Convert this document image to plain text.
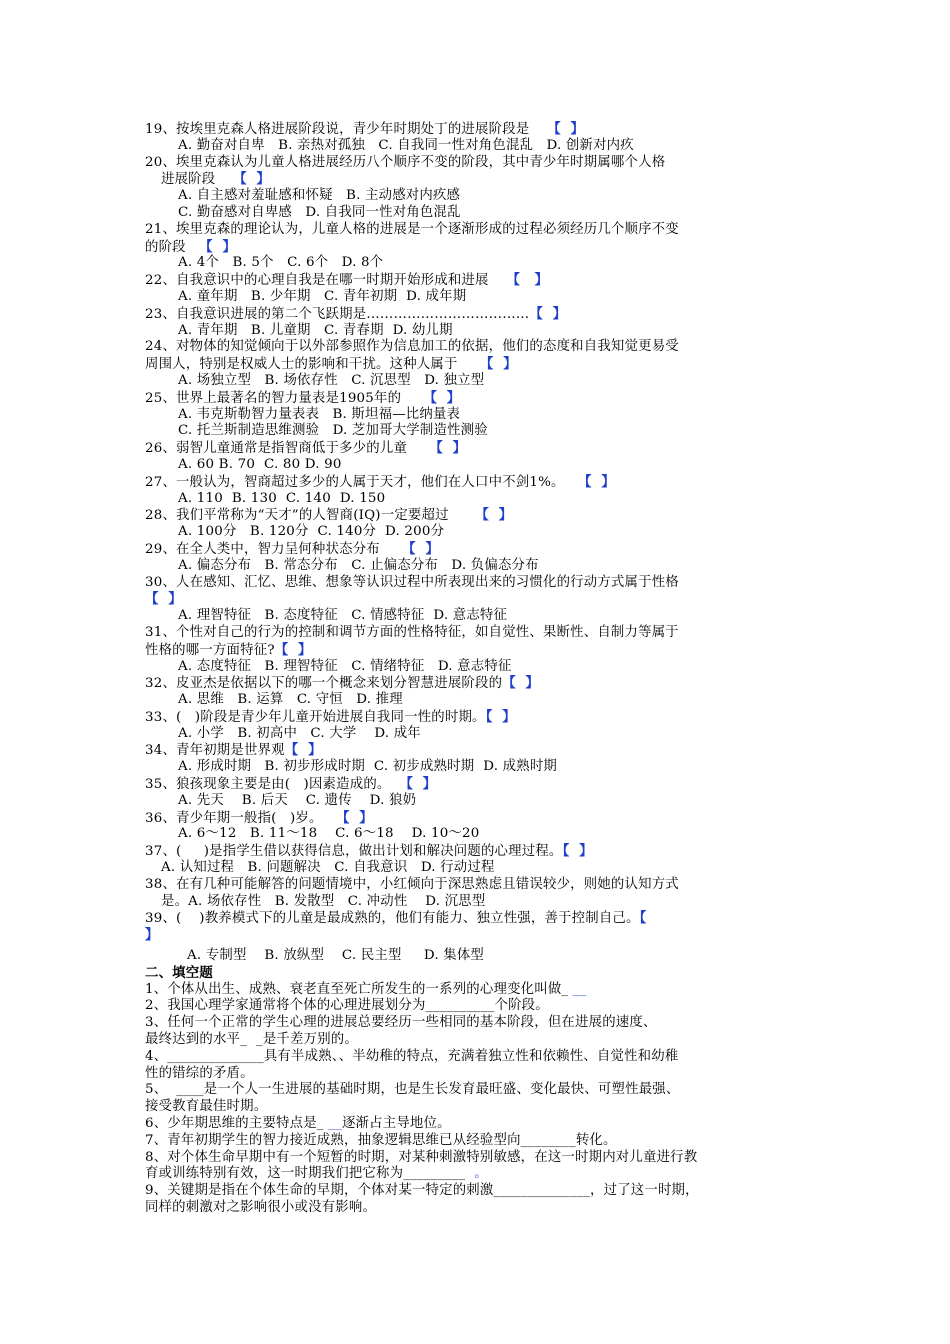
19、按埃里克森人格进展阶段说，青少年时期处丁的进展阶段是    【  】
A. 勤奋对自卑   B. 亲热对孤独   C. 自我同一性对角色混乱   D. 创新对内疚
20、埃里克森认为儿童人格进展经历八个顺序不变的阶段，其中青少年时期属哪个人格
进展阶段    【  】
A. 自主感对羞耻感和怀疑   B. 主动感对内疚感
C. 勤奋感对自卑感   D. 自我同一性对角色混乱
21、埃里克森的理论认为，儿童人格的进展是一个逐渐形成的过程必须经历几个顺序不变
的阶段   【  】
A. 4个   B. 5个   C. 6个   D. 8个
22、自我意识中的心理自我是在哪一时期开始形成和进展    【   】
A. 童年期   B. 少年期   C. 青年初期  D. 成年期
23、自我意识进展的第二个飞跃期是………………………………【  】
A. 青年期   B. 儿童期   C. 青春期  D. 幼儿期
24、对物体的知觉倾向于以外部参照作为信息加工的依据，他们的态度和自我知觉更易受
周围人，特别是权威人士的影响和干扰。这种人属于     【  】
A. 场独立型   B. 场依存性   C. 沉思型   D. 独立型
25、世界上最著名的智力量表是1905年的     【  】
A. 韦克斯勒智力量表表   B. 斯坦福—比纳量表
C. 托兰斯制造思维测验   D. 芝加哥大学制造性测验
26、弱智儿童通常是指智商低于多少的儿童     【  】
A. 60 B. 70  C. 80 D. 90
27、一般认为，智商超过多少的人属于天才，他们在人口中不剑1%。   【  】
A. 110  B. 130  C. 140  D. 150
28、我们平常称为“天才”的人智商(IQ)一定要超过      【  】
A. 100分   B. 120分  C. 140分  D. 200分
29、在全人类中，智力呈何种状态分布     【  】
A. 偏态分布   B. 常态分布   C. 止偏态分布   D. 负偏态分布
30、人在感知、汇忆、思维、想象等认识过程中所表现出来的习惯化的行动方式属于性格
【  】
A. 理智特征   B. 态度特征   C. 情感特征  D. 意志特征
31、个性对自己的行为的控制和调节方面的性格特征，如自觉性、果断性、自制力等属于
性格的哪一方面特征?【  】
A. 态度特征   B. 理智特征   C. 情绪特征   D. 意志特征
32、皮亚杰是依据以下的哪一个概念来划分智慧进展阶段的【  】
A. 思维   B. 运算   C. 守恒   D. 推理
33、(   )阶段是青少年儿童开始进展自我同一性的时期。【  】
A. 小学   B. 初高中   C. 大学    D. 成年
34、青年初期是世界观【  】
A. 形成时期   B. 初步形成时期  C. 初步成熟时期  D. 成熟时期
35、狼孩现象主要是由(   )因素造成的。  【  】
A. 先天    B. 后天    C. 遗传    D. 狼奶
36、青少年期一般指(   )岁。   【  】
A. 6～12   B. 11～18    C. 6～18    D. 10～20
37、(     )是指学生借以获得信息，做出计划和解决问题的心理过程。【  】
A. 认知过程   B. 问题解决   C. 自我意识   D. 行动过程
38、在有几种可能解答的问题情境中，小红倾向于深思熟虑且错误较少，则她的认知方式
是。A. 场依存性   B. 发散型   C. 冲动性    D. 沉思型
39、(    )教养模式下的儿童是最成熟的，他们有能力、独立性强，善于控制自己。【
】
A. 专制型    B. 放纵型    C. 民主型     D. 集体型
二、填空题
1、个体从出生、成熟、衰老直至死亡所发生的一系列的心理变化叫做_ __
2、我国心理学家通常将个体的心理进展划分为__________个阶段。
3、任何一个正常的学生心理的进展总要经历一些相同的基本阶段，但在进展的速度、
最终达到的水平_  _是千差万别的。
4、______________具有半成熟、、半幼稚的特点，充满着独立性和依赖性、自觉性和幼稚
性的错综的矛盾。
5、  ____是一个人一生进展的基础时期，也是生长发育最旺盛、变化最快、可塑性最强、
接受教育最佳时期。
6、少年期思维的主要特点是_ __逐渐占主导地位。
7、青年初期学生的智力接近成熟，抽象逻辑思维已从经验型向________转化。
8、对个体生命早期中有一个短暂的时期，对某种刺激特别敏感，在这一时期内对儿童进行教
育或训练特别有效，这一时期我们把它称为_________  。
9、关键期是指在个体生命的早期，个体对某一特定的刺激______________，过了这一时期，
同样的刺激对之影响很小或没有影响。
